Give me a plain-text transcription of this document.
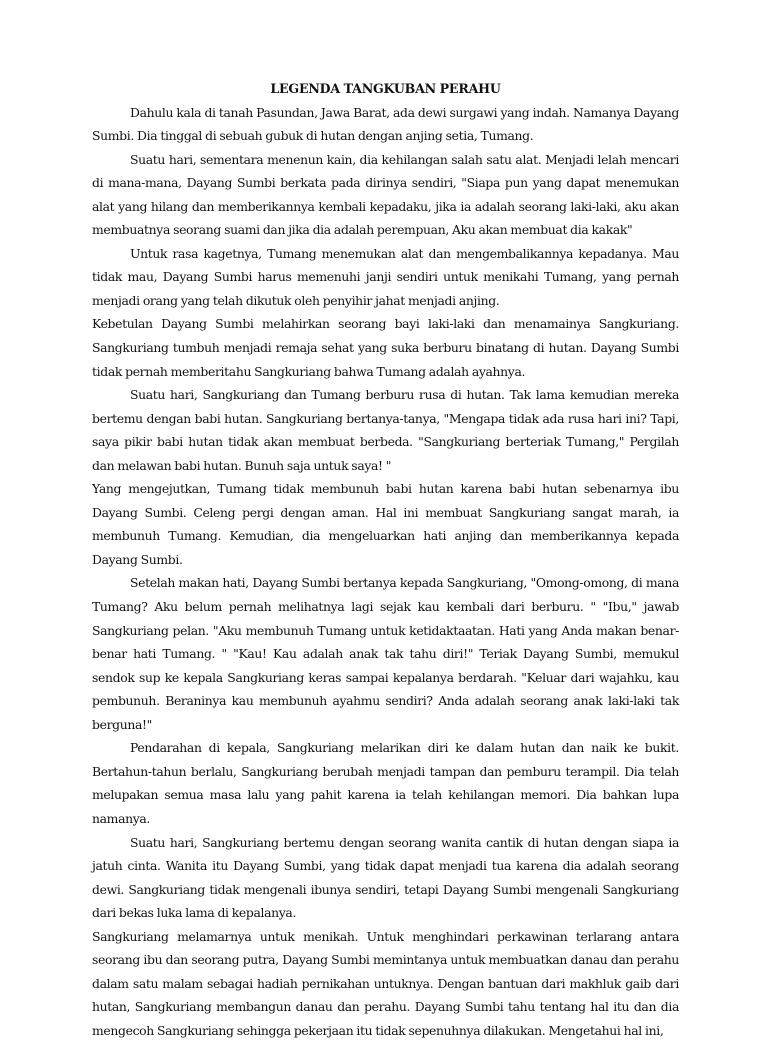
LEGENDA TANGKUBAN PERAHU

Dahulu kala di tanah Pasundan, Jawa Barat, ada dewi surgawi yang indah. Namanya Dayang Sumbi. Dia tinggal di sebuah gubuk di hutan dengan anjing setia, Tumang.

Suatu hari, sementara menenun kain, dia kehilangan salah satu alat. Menjadi lelah mencari di mana-mana, Dayang Sumbi berkata pada dirinya sendiri, "Siapa pun yang dapat menemukan alat yang hilang dan memberikannya kembali kepadaku, jika ia adalah seorang laki-laki, aku akan membuatnya seorang suami dan jika dia adalah perempuan, Aku akan membuat dia kakak"

Untuk rasa kagetnya, Tumang menemukan alat dan mengembalikannya kepadanya. Mau tidak mau, Dayang Sumbi harus memenuhi janji sendiri untuk menikahi Tumang, yang pernah menjadi orang yang telah dikutuk oleh penyihir jahat menjadi anjing.

Kebetulan Dayang Sumbi melahirkan seorang bayi laki-laki dan menamainya Sangkuriang. Sangkuriang tumbuh menjadi remaja sehat yang suka berburu binatang di hutan. Dayang Sumbi tidak pernah memberitahu Sangkuriang bahwa Tumang adalah ayahnya.

Suatu hari, Sangkuriang dan Tumang berburu rusa di hutan. Tak lama kemudian mereka bertemu dengan babi hutan. Sangkuriang bertanya-tanya, "Mengapa tidak ada rusa hari ini? Tapi, saya pikir babi hutan tidak akan membuat berbeda. "Sangkuriang berteriak Tumang," Pergilah dan melawan babi hutan. Bunuh saja untuk saya! "

Yang mengejutkan, Tumang tidak membunuh babi hutan karena babi hutan sebenarnya ibu Dayang Sumbi. Celeng pergi dengan aman. Hal ini membuat Sangkuriang sangat marah, ia membunuh Tumang. Kemudian, dia mengeluarkan hati anjing dan memberikannya kepada Dayang Sumbi.

Setelah makan hati, Dayang Sumbi bertanya kepada Sangkuriang, "Omong-omong, di mana Tumang? Aku belum pernah melihatnya lagi sejak kau kembali dari berburu. " "Ibu," jawab Sangkuriang pelan. "Aku membunuh Tumang untuk ketidaktaatan. Hati yang Anda makan benar-benar hati Tumang. " "Kau! Kau adalah anak tak tahu diri!" Teriak Dayang Sumbi, memukul sendok sup ke kepala Sangkuriang keras sampai kepalanya berdarah. "Keluar dari wajahku, kau pembunuh. Beraninya kau membunuh ayahmu sendiri? Anda adalah seorang anak laki-laki tak berguna!"

Pendarahan di kepala, Sangkuriang melarikan diri ke dalam hutan dan naik ke bukit. Bertahun-tahun berlalu, Sangkuriang berubah menjadi tampan dan pemburu terampil. Dia telah melupakan semua masa lalu yang pahit karena ia telah kehilangan memori. Dia bahkan lupa namanya.

Suatu hari, Sangkuriang bertemu dengan seorang wanita cantik di hutan dengan siapa ia jatuh cinta. Wanita itu Dayang Sumbi, yang tidak dapat menjadi tua karena dia adalah seorang dewi. Sangkuriang tidak mengenali ibunya sendiri, tetapi Dayang Sumbi mengenali Sangkuriang dari bekas luka lama di kepalanya.

Sangkuriang melamarnya untuk menikah. Untuk menghindari perkawinan terlarang antara seorang ibu dan seorang putra, Dayang Sumbi memintanya untuk membuatkan danau dan perahu dalam satu malam sebagai hadiah pernikahan untuknya. Dengan bantuan dari makhluk gaib dari hutan, Sangkuriang membangun danau dan perahu. Dayang Sumbi tahu tentang hal itu dan dia mengecoh Sangkuriang sehingga pekerjaan itu tidak sepenuhnya dilakukan. Mengetahui hal ini,
